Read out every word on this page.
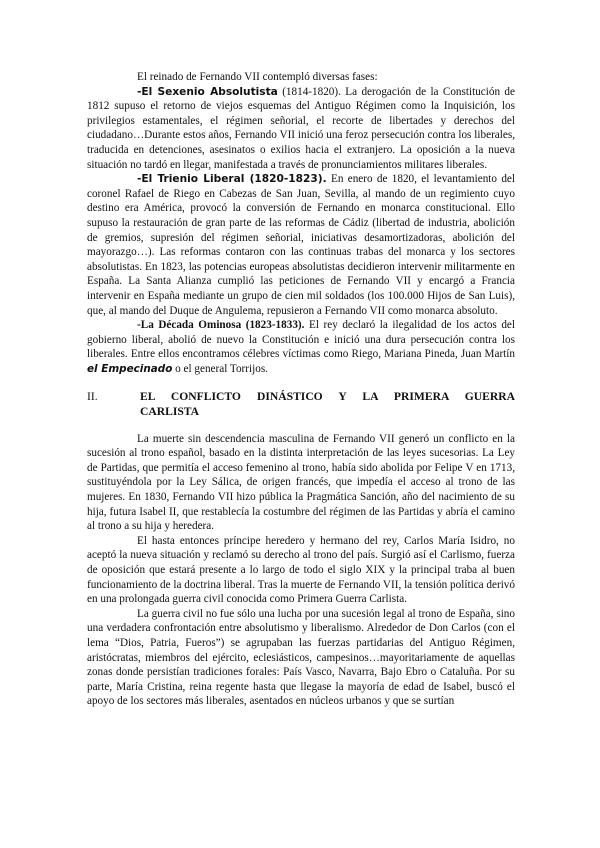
El reinado de Fernando VII contempló diversas fases:

-El Sexenio Absolutista (1814-1820). La derogación de la Constitución de 1812 supuso el retorno de viejos esquemas del Antiguo Régimen como la Inquisición, los privilegios estamentales, el régimen señorial, el recorte de libertades y derechos del ciudadano…Durante estos años, Fernando VII inició una feroz persecución contra los liberales, traducida en detenciones, asesinatos o exilios hacia el extranjero. La oposición a la nueva situación no tardó en llegar, manifestada a través de pronunciamientos militares liberales.

-El Trienio Liberal (1820-1823). En enero de 1820, el levantamiento del coronel Rafael de Riego en Cabezas de San Juan, Sevilla, al mando de un regimiento cuyo destino era América, provocó la conversión de Fernando en monarca constitucional. Ello supuso la restauración de gran parte de las reformas de Cádiz (libertad de industria, abolición de gremios, supresión del régimen señorial, iniciativas desamortizadoras, abolición del mayorazgo…). Las reformas contaron con las continuas trabas del monarca y los sectores absolutistas. En 1823, las potencias europeas absolutistas decidieron intervenir militarmente en España. La Santa Alianza cumplió las peticiones de Fernando VII y encargó a Francia intervenir en España mediante un grupo de cien mil soldados (los 100.000 Hijos de San Luis), que, al mando del Duque de Angulema, repusieron a Fernando VII como monarca absoluto.

-La Década Ominosa (1823-1833). El rey declaró la ilegalidad de los actos del gobierno liberal, abolió de nuevo la Constitución e inició una dura persecución contra los liberales. Entre ellos encontramos célebres víctimas como Riego, Mariana Pineda, Juan Martín el Empecinado o el general Torrijos.

II.	EL CONFLICTO DINÁSTICO Y LA PRIMERA GUERRA CARLISTA

La muerte sin descendencia masculina de Fernando VII generó un conflicto en la sucesión al trono español, basado en la distinta interpretación de las leyes sucesorias. La Ley de Partidas, que permitía el acceso femenino al trono, había sido abolida por Felipe V en 1713, sustituyéndola por la Ley Sálica, de origen francés, que impedía el acceso al trono de las mujeres. En 1830, Fernando VII hizo pública la Pragmática Sanción, año del nacimiento de su hija, futura Isabel II, que restablecía la costumbre del régimen de las Partidas y abría el camino al trono a su hija y heredera.

El hasta entonces príncipe heredero y hermano del rey, Carlos María Isidro, no aceptó la nueva situación y reclamó su derecho al trono del país. Surgió así el Carlismo, fuerza de oposición que estará presente a lo largo de todo el siglo XIX y la principal traba al buen funcionamiento de la doctrina liberal. Tras la muerte de Fernando VII, la tensión política derivó en una prolongada guerra civil conocida como Primera Guerra Carlista.

La guerra civil no fue sólo una lucha por una sucesión legal al trono de España, sino una verdadera confrontación entre absolutismo y liberalismo. Alrededor de Don Carlos (con el lema “Dios, Patria, Fueros”) se agrupaban las fuerzas partidarias del Antiguo Régimen, aristócratas, miembros del ejército, eclesiásticos, campesinos…mayoritariamente de aquellas zonas donde persistían tradiciones forales: País Vasco, Navarra, Bajo Ebro o Cataluña. Por su parte, María Cristina, reina regente hasta que llegase la mayoría de edad de Isabel, buscó el apoyo de los sectores más liberales, asentados en núcleos urbanos y que se surtían
